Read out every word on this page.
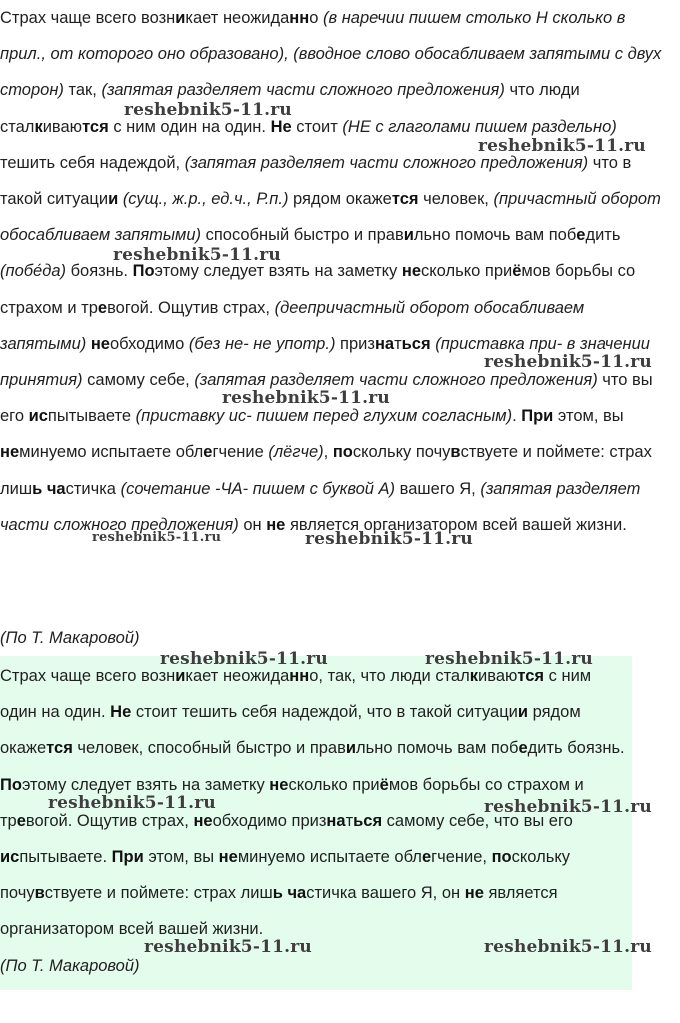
Страх чаще всего возникает неожиданно (в наречии пишем столько Н сколько в прил., от которого оно образовано), (вводное слово обосабливаем запятыми с двух сторон) так, (запятая разделяет части сложного предложения) что люди сталкиваются с ним один на один. Не стоит (НЕ с глаголами пишем раздельно) тешить себя надеждой, (запятая разделяет части сложного предложения) что в такой ситуации (сущ., ж.р., ед.ч., Р.п.) рядом окажется человек, (причастный оборот обосабливаем запятыми) способный быстро и правильно помочь вам победить (побе́да) боязнь. Поэтому следует взять на заметку несколько приёмов борьбы со страхом и тревогой. Ощутив страх, (деепричастный оборот обосабливаем запятыми) необходимо (без не- не употр.) признаться (приставка при- в значении принятия) самому себе, (запятая разделяет части сложного предложения) что вы его испытываете (приставку ис- пишем перед глухим согласным). При этом, вы неминуемо испытаете облегчение (лёгче), поскольку почувствуете и поймете: страх лишь частичка (сочетание -ЧА- пишем с буквой А) вашего Я, (запятая разделяет части сложного предложения) он не является организатором всей вашей жизни.

(По Т. Макаровой)

Страх чаще всего возникает неожиданно, так, что люди сталкиваются с ним один на один. Не стоит тешить себя надеждой, что в такой ситуации рядом окажется человек, способный быстро и правильно помочь вам победить боязнь. Поэтому следует взять на заметку несколько приёмов борьбы со страхом и тревогой. Ощутив страх, необходимо признаться самому себе, что вы его испытываете. При этом, вы неминуемо испытаете облегчение, поскольку почувствуете и поймете: страх лишь частичка вашего Я, он не является организатором всей вашей жизни.

(По Т. Макаровой)

reshebnik5-11.ru
reshebnik5-11.ru
reshebnik5-11.ru
reshebnik5-11.ru
reshebnik5-11.ru
reshebnik5-11.ru	reshebnik5-11.ru
reshebnik5-11.ru	reshebnik5-11.ru
reshebnik5-11.ru	reshebnik5-11.ru
reshebnik5-11.ru	reshebnik5-11.ru
